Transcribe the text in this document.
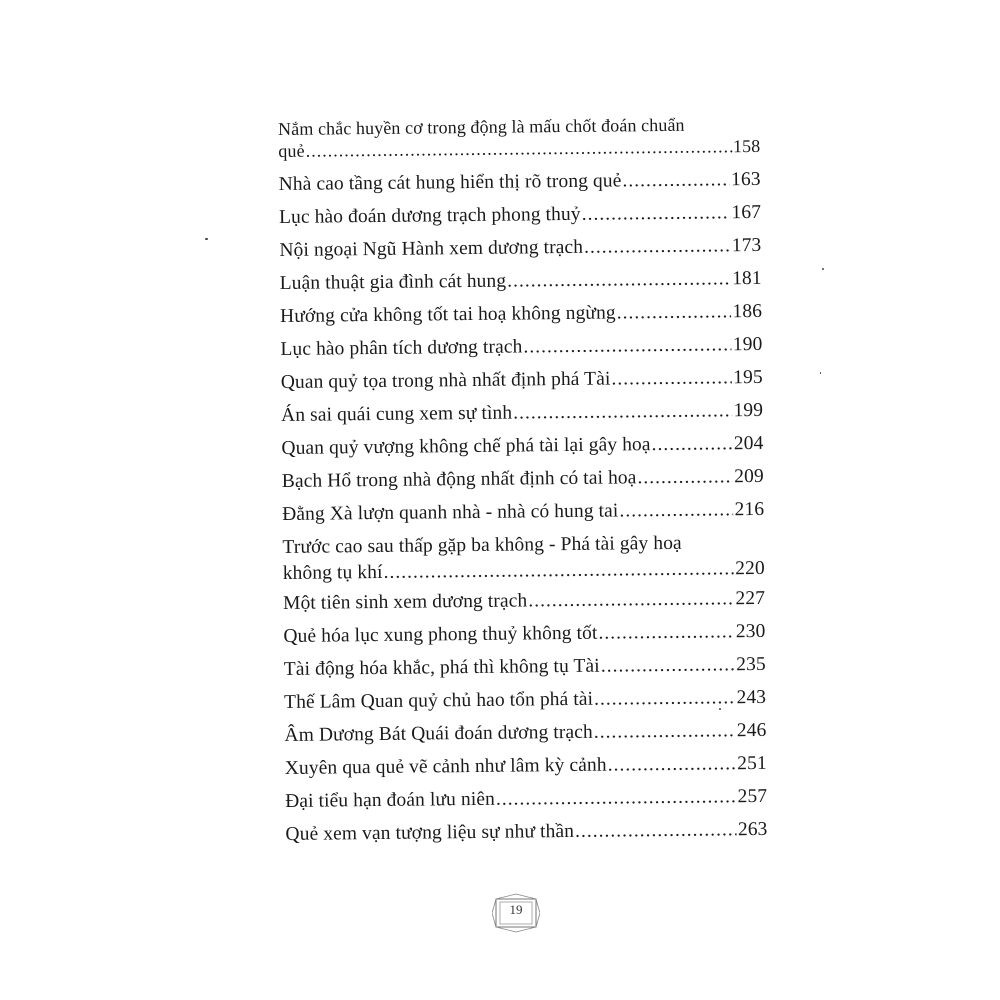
Nắm chắc huyền cơ trong động là mấu chốt đoán chuẩn
quẻ .....	158
Nhà cao tầng cát hung hiển thị rõ trong quẻ .....	163
Lục hào đoán dương trạch phong thuỷ .....	167
Nội ngoại Ngũ Hành xem dương trạch .....	173
Luận thuật gia đình cát hung .....	181
Hướng cửa không tốt tai hoạ không ngừng .....	186
Lục hào phân tích dương trạch .....	190
Quan quỷ tọa trong nhà nhất định phá Tài .....	195
Án sai quái cung xem sự tình .....	199
Quan quỷ vượng không chế phá tài lại gây hoạ .....	204
Bạch Hổ trong nhà động nhất định có tai hoạ .....	209
Đằng Xà lượn quanh nhà - nhà có hung tai .....	216
Trước cao sau thấp gặp ba không - Phá tài gây hoạ
không tụ khí .....	220
Một tiên sinh xem dương trạch .....	227
Quẻ hóa lục xung phong thuỷ không tốt .....	230
Tài động hóa khắc, phá thì không tụ Tài .....	235
Thế Lâm Quan quỷ chủ hao tổn phá tài .....	243
Âm Dương Bát Quái đoán dương trạch .....	246
Xuyên qua quẻ vẽ cảnh như lâm kỳ cảnh .....	251
Đại tiểu hạn đoán lưu niên .....	257
Quẻ xem vạn tượng liệu sự như thần .....	263
19
